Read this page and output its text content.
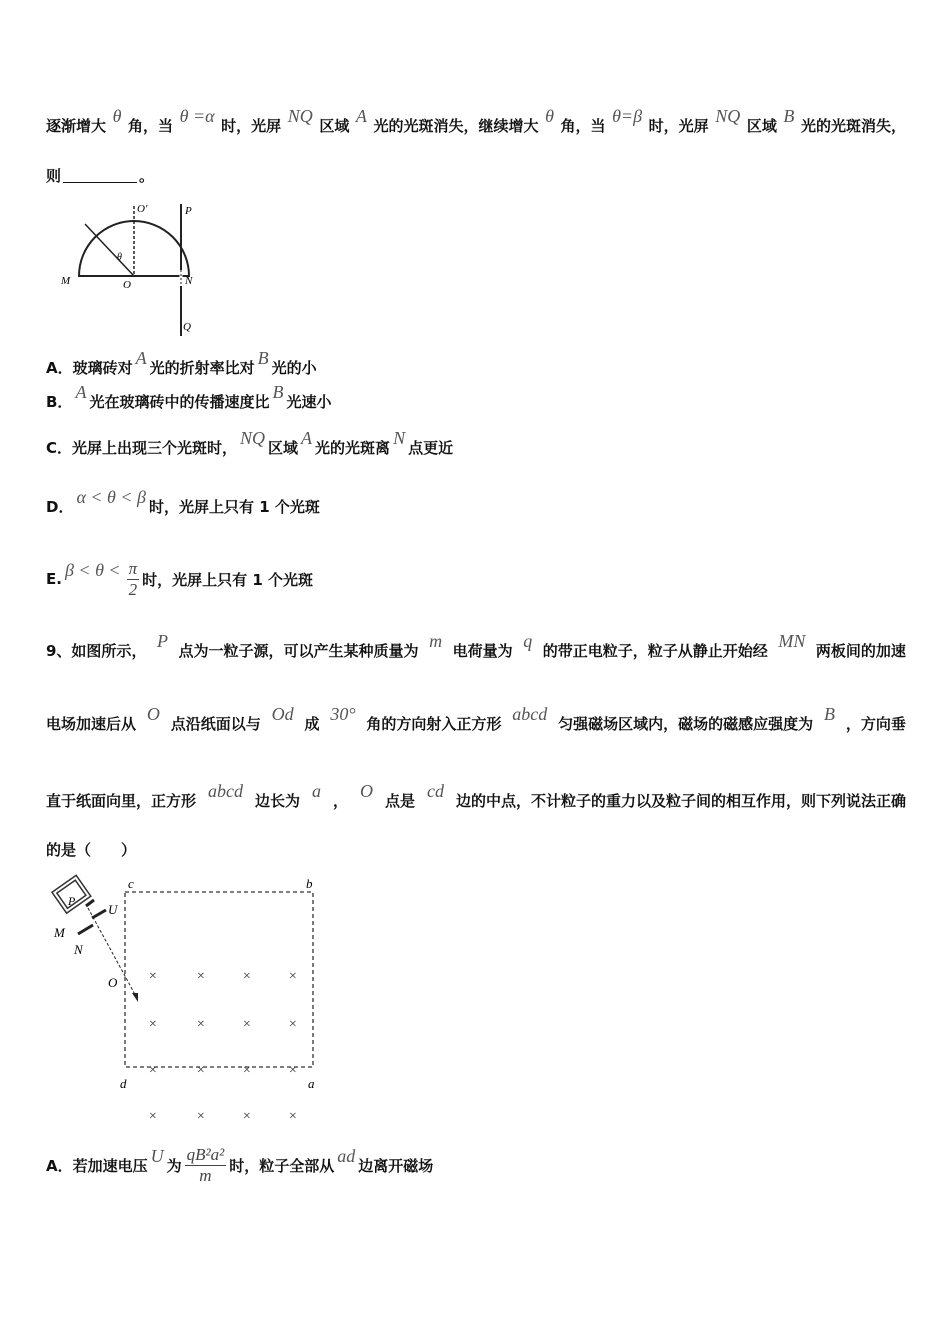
逐渐增大 θ 角，当 θ =α 时，光屏 NQ 区域 A 光的光斑消失，继续增大 θ 角，当 θ=β 时，光屏 NQ 区域 B 光的光斑消失，
则	。
O'	P
θ
M	O	N
Q
A．玻璃砖对 A 光的折射率比对 B 光的小
B． A 光在玻璃砖中的传播速度比 B 光速小
C．光屏上出现三个光斑时， NQ 区域 A 光的光斑离 N 点更近
D． α < θ < β 时，光屏上只有 1 个光斑
E. $\beta < \theta < \frac{\pi}{2}$ 时，光屏上只有 1 个光斑
9、如图所示， P 点为一粒子源，可以产生某种质量为 m 电荷量为 q 的带正电粒子，粒子从静止开始经 MN 两板间的加速
电场加速后从 O 点沿纸面以与 Od 成 30° 角的方向射入正方形 abcd 匀强磁场区域内，磁场的磁感应强度为 B ，方向垂
直于纸面向里，正方形 abcd 边长为 a ， O 点是 cd 边的中点，不计粒子的重力以及粒子间的相互作用，则下列说法正确
的是（　　）
c	b
d	a
P
U
M
N
O ×	×	×	×
×	×	×	×
×	×	×	×
×	×	×	×
A．若加速电压 U 为 $\frac{\text{qB²a²}}{m}$ 时，粒子全部从 ad 边离开磁场
